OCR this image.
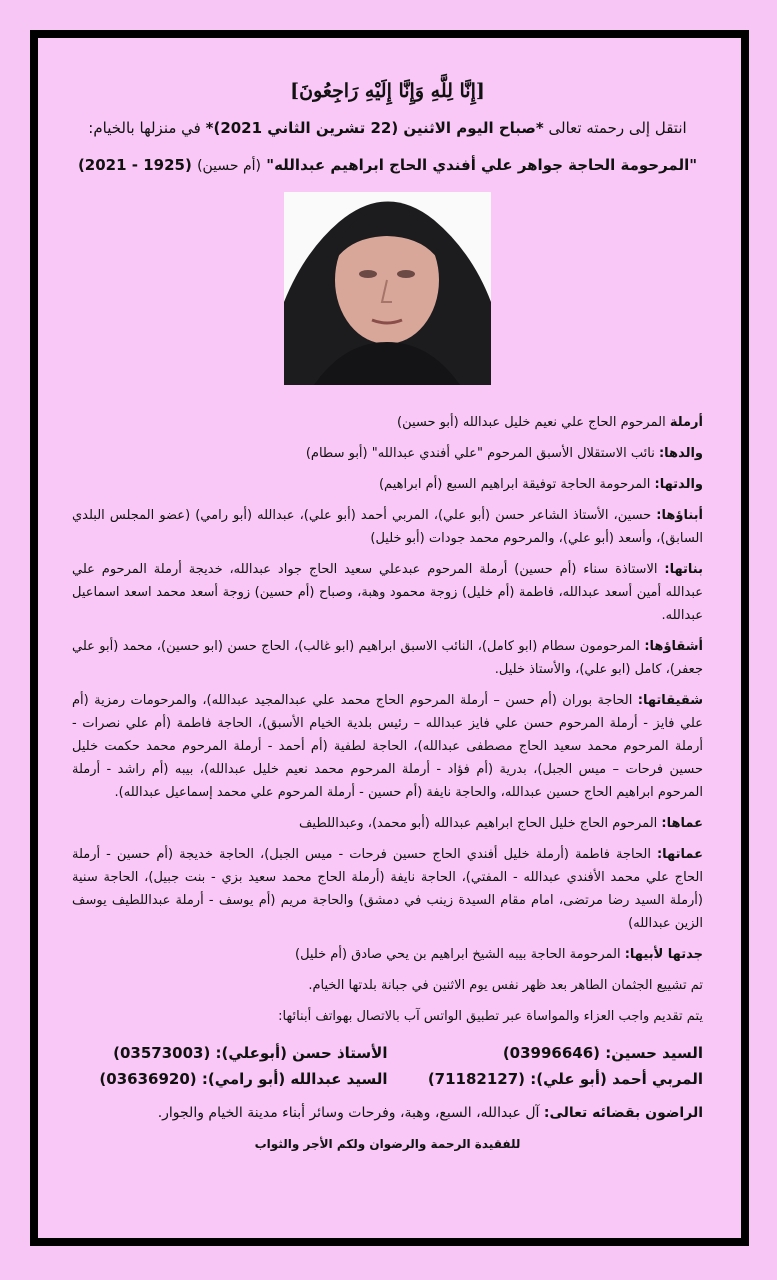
[إِنَّا لِلَّهِ وَإِنَّا إِلَيْهِ رَاجِعُونَ]
انتقل إلى رحمته تعالى *صباح اليوم الاثنين (22 تشرين الثاني 2021)* في منزلها بالخيام:
"المرحومة الحاجة جواهر علي أفندي الحاج ابراهيم عبدالله" (أم حسين) (1925 - 2021)

أرملة المرحوم الحاج علي نعيم خليل عبدالله (أبو حسين)

والدها: نائب الاستقلال الأسبق المرحوم "علي أفندي عبدالله" (أبو سطام)

والدتها: المرحومة الحاجة توفيقة ابراهيم السبع (أم ابراهيم)

أبناؤها: حسين، الأستاذ الشاعر حسن (أبو علي)، المربي أحمد (أبو علي)، عبدالله (أبو رامي) (عضو المجلس البلدي السابق)، وأسعد (أبو علي)، والمرحوم محمد جودات (أبو خليل)

بناتها: الاستاذة سناء (أم حسين) أرملة المرحوم عبدعلي سعيد الحاج جواد عبدالله، خديجة أرملة المرحوم علي عبدالله أمين أسعد عبدالله، فاطمة (أم خليل) زوجة محمود وهبة، وصباح (أم حسين) زوجة أسعد محمد اسعد اسماعيل عبدالله.

أشقاؤها: المرحومون سطام (ابو كامل)، النائب الاسبق ابراهيم (ابو غالب)، الحاج حسن (ابو حسين)، محمد (أبو علي جعفر)، كامل (ابو علي)، والأستاذ خليل.

شقيقاتها: الحاجة بوران (أم حسن – أرملة المرحوم الحاج محمد علي عبدالمجيد عبدالله)، والمرحومات رمزية (أم علي فايز - أرملة المرحوم حسن علي فايز عبدالله – رئيس بلدية الخيام الأسبق)، الحاجة فاطمة (أم علي نصرات - أرملة المرحوم محمد سعيد الحاج مصطفى عبدالله)، الحاجة لطفية (أم أحمد - أرملة المرحوم محمد حكمت خليل حسين فرحات – ميس الجبل)، بدرية (أم فؤاد - أرملة المرحوم محمد نعيم خليل عبدالله)، بيبه (أم راشد - أرملة المرحوم ابراهيم الحاج حسين عبدالله، والحاجة نايفة (أم حسين - أرملة المرحوم علي محمد إسماعيل عبدالله).

عماها: المرحوم الحاج خليل الحاج ابراهيم عبدالله (أبو محمد)، وعبداللطيف

عماتها: الحاجة فاطمة (أرملة خليل أفندي الحاج حسين فرحات - ميس الجبل)، الحاجة خديجة (أم حسين - أرملة الحاج علي محمد الأفندي عبدالله - المفتي)، الحاجة نايفة (أرملة الحاج محمد سعيد بزي - بنت جبيل)، الحاجة سنية (أرملة السيد رضا مرتضى، امام مقام السيدة زينب في دمشق) والحاجة مريم (أم يوسف - أرملة عبداللطيف يوسف الزين عبدالله)

جدتها لأبيها: المرحومة الحاجة بيبه الشيخ ابراهيم بن يحي صادق (أم خليل)

تم تشييع الجثمان الطاهر بعد ظهر نفس يوم الاثنين في جبانة بلدتها الخيام.

يتم تقديم واجب العزاء والمواساة عبر تطبيق الواتس آب بالاتصال بهواتف أبنائها:

السيد حسين: (03996646)
الأستاذ حسن (أبوعلي): (03573003)
المربي أحمد (أبو علي): (71182127)
السيد عبدالله (أبو رامي): (03636920)

الراضون بقضائه تعالى: آل عبدالله، السبع، وهبة، وفرحات وسائر أبناء مدينة الخيام والجوار.

للفقيدة الرحمة والرضوان ولكم الأجر والثواب
